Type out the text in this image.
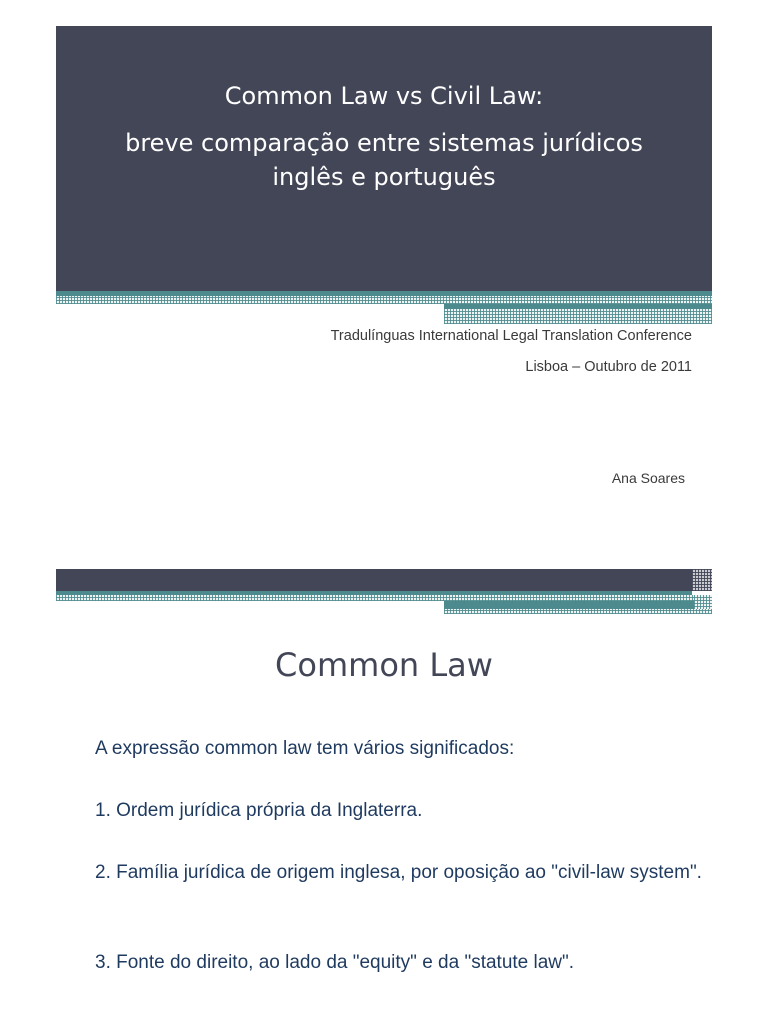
Common Law vs Civil Law:
breve comparação entre sistemas jurídicos inglês e português
Tradulínguas International Legal Translation Conference
Lisboa – Outubro de 2011
Ana Soares
Common Law
A expressão common law tem vários significados:
1. Ordem jurídica própria da Inglaterra.
2. Família jurídica de origem inglesa, por oposição ao "civil-law system".
3. Fonte do direito, ao lado da "equity" e da "statute law".
